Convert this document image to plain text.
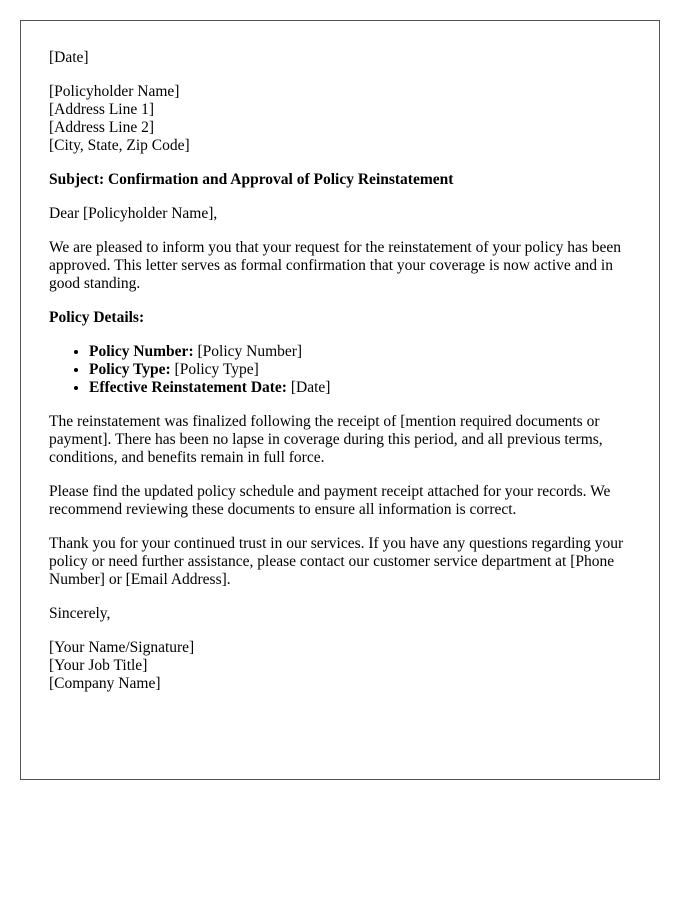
[Date]
[Policyholder Name]
[Address Line 1]
[Address Line 2]
[City, State, Zip Code]
Subject: Confirmation and Approval of Policy Reinstatement
Dear [Policyholder Name],
We are pleased to inform you that your request for the reinstatement of your policy has been approved. This letter serves as formal confirmation that your coverage is now active and in good standing.
Policy Details:
• Policy Number: [Policy Number]
• Policy Type: [Policy Type]
• Effective Reinstatement Date: [Date]
The reinstatement was finalized following the receipt of [mention required documents or payment]. There has been no lapse in coverage during this period, and all previous terms, conditions, and benefits remain in full force.
Please find the updated policy schedule and payment receipt attached for your records. We recommend reviewing these documents to ensure all information is correct.
Thank you for your continued trust in our services. If you have any questions regarding your policy or need further assistance, please contact our customer service department at [Phone Number] or [Email Address].
Sincerely,
[Your Name/Signature]
[Your Job Title]
[Company Name]
